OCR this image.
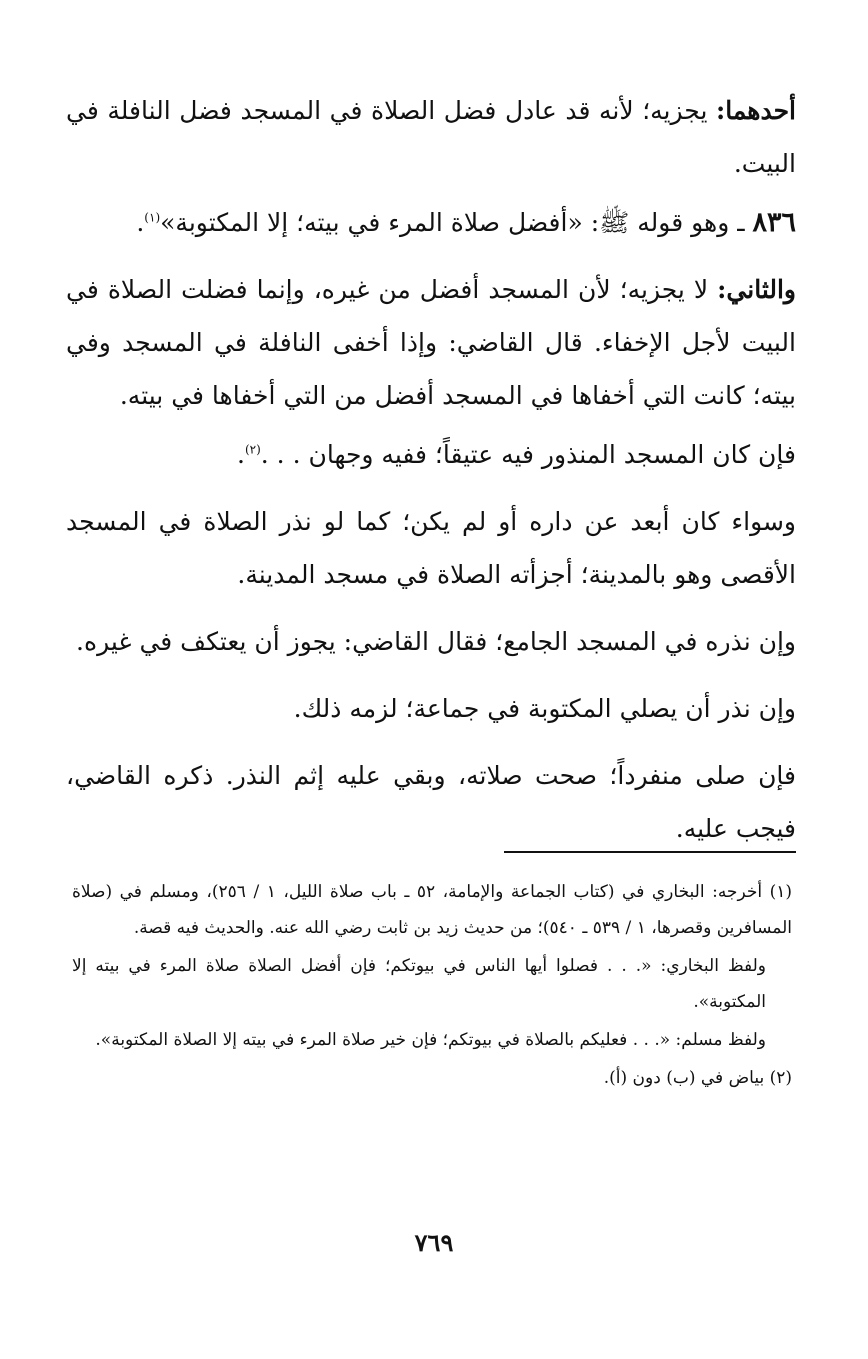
أحدهما: يجزيه؛ لأنه قد عادل فضل الصلاة في المسجد فضل النافلة في البيت.

٨٣٦ ـ وهو قوله ﷺ: «أفضل صلاة المرء في بيته؛ إلا المكتوبة»$^{(١)}$.

والثاني: لا يجزيه؛ لأن المسجد أفضل من غيره، وإنما فضلت الصلاة في البيت لأجل الإخفاء. قال القاضي: وإذا أخفى النافلة في المسجد وفي بيته؛ كانت التي أخفاها في المسجد أفضل من التي أخفاها في بيته.

فإن كان المسجد المنذور فيه عتيقاً؛ ففيه وجهان . . .$^{(٢)}$.

وسواء كان أبعد عن داره أو لم يكن؛ كما لو نذر الصلاة في المسجد الأقصى وهو بالمدينة؛ أجزأته الصلاة في مسجد المدينة.

وإن نذره في المسجد الجامع؛ فقال القاضي: يجوز أن يعتكف في غيره.

وإن نذر أن يصلي المكتوبة في جماعة؛ لزمه ذلك.

فإن صلى منفرداً؛ صحت صلاته، وبقي عليه إثم النذر. ذكره القاضي، فيجب عليه.

(١) أخرجه: البخاري في (كتاب الجماعة والإمامة، ٥٢ ـ باب صلاة الليل، ١ / ٢٥٦)، ومسلم في (صلاة المسافرين وقصرها، ١ / ٥٣٩ ـ ٥٤٠)؛ من حديث زيد بن ثابت رضي الله عنه. والحديث فيه قصة.

ولفظ البخاري: «. . . فصلوا أيها الناس في بيوتكم؛ فإن أفضل الصلاة صلاة المرء في بيته إلا المكتوبة».

ولفظ مسلم: «. . . فعليكم بالصلاة في بيوتكم؛ فإن خير صلاة المرء في بيته إلا الصلاة المكتوبة».

(٢) بياض في (ب) دون (أ).

٧٦٩
